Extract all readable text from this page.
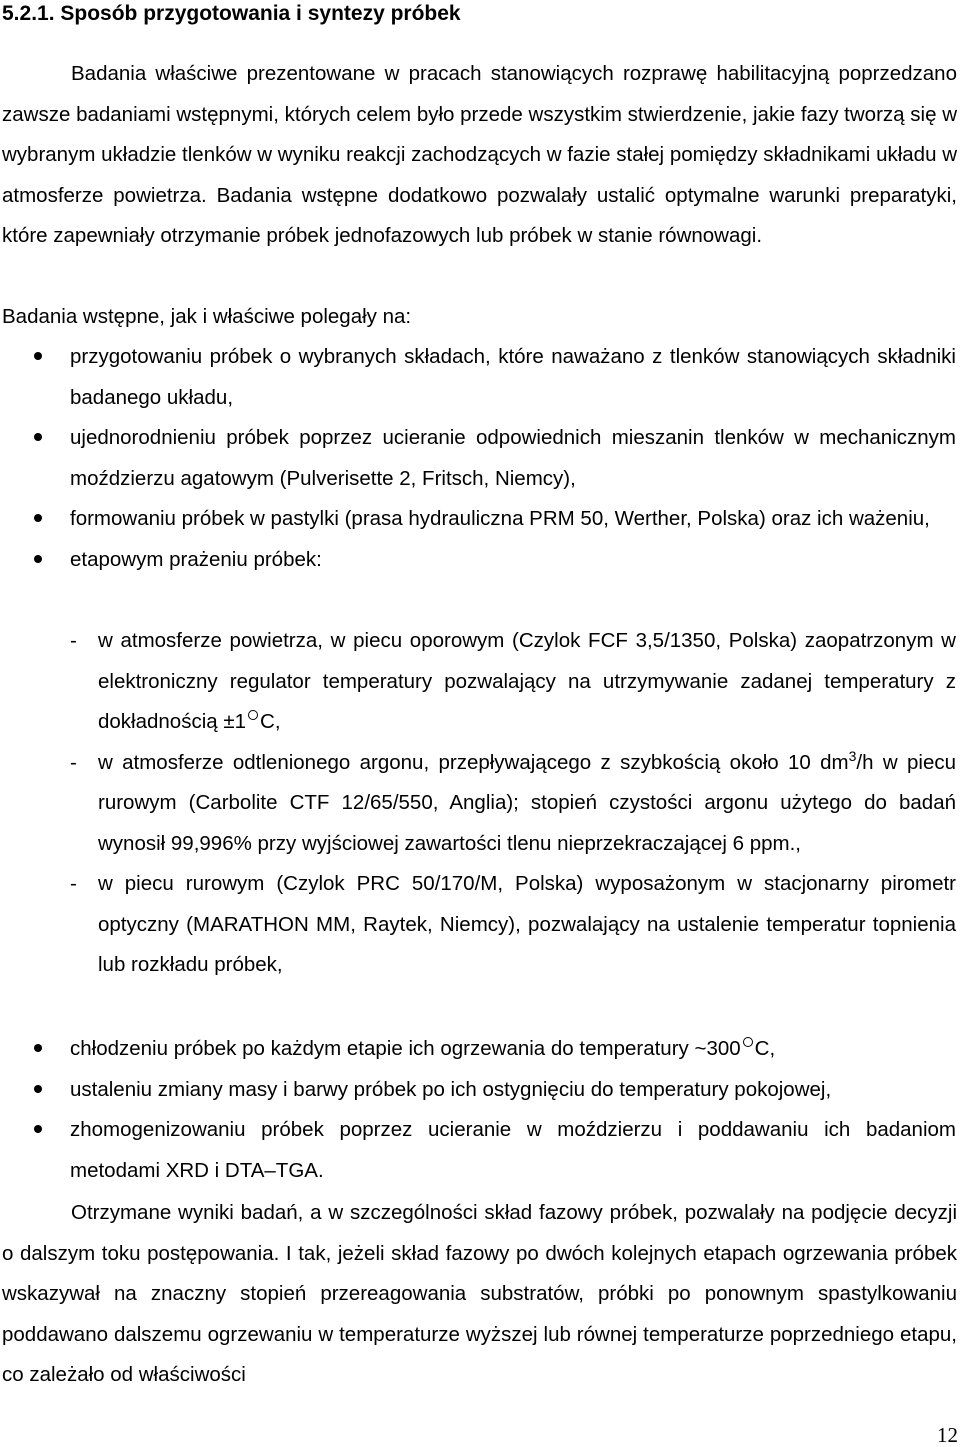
5.2.1. Sposób przygotowania i syntezy próbek

Badania właściwe prezentowane w pracach stanowiących rozprawę habilitacyjną poprzedzano zawsze badaniami wstępnymi, których celem było przede wszystkim stwierdzenie, jakie fazy tworzą się w wybranym układzie tlenków w wyniku reakcji zachodzących w fazie stałej pomiędzy składnikami układu w atmosferze powietrza. Badania wstępne dodatkowo pozwalały ustalić optymalne warunki preparatyki, które zapewniały otrzymanie próbek jednofazowych lub próbek w stanie równowagi.

Badania wstępne, jak i właściwe polegały na:

przygotowaniu próbek o wybranych składach, które naważano z tlenków stanowiących składniki badanego układu,
ujednorodnieniu próbek poprzez ucieranie odpowiednich mieszanin tlenków w mechanicznym moździerzu agatowym (Pulverisette 2, Fritsch, Niemcy),
formowaniu próbek w pastylki (prasa hydrauliczna PRM 50, Werther, Polska) oraz ich ważeniu,
etapowym prażeniu próbek:
- w atmosferze powietrza, w piecu oporowym (Czylok FCF 3,5/1350, Polska) zaopatrzonym w elektroniczny regulator temperatury pozwalający na utrzymywanie zadanej temperatury z dokładnością ±1 C,
- w atmosferze odtlenionego argonu, przepływającego z szybkością około 10 $dm^3/h$ w piecu rurowym (Carbolite CTF 12/65/550, Anglia); stopień czystości argonu użytego do badań wynosił 99,996% przy wyjściowej zawartości tlenu nieprzekraczającej 6 ppm.,
- w piecu rurowym (Czylok PRC 50/170/M, Polska) wyposażonym w stacjonarny pirometr optyczny (MARATHON MM, Raytek, Niemcy), pozwalający na ustalenie temperatur topnienia lub rozkładu próbek,
chłodzeniu próbek po każdym etapie ich ogrzewania do temperatury ~300 C,
ustaleniu zmiany masy i barwy próbek po ich ostygnięciu do temperatury pokojowej,
zhomogenizowaniu próbek poprzez ucieranie w moździerzu i poddawaniu ich badaniom metodami XRD i DTA–TGA.

Otrzymane wyniki badań, a w szczególności skład fazowy próbek, pozwalały na podjęcie decyzji o dalszym toku postępowania. I tak, jeżeli skład fazowy po dwóch kolejnych etapach ogrzewania próbek wskazywał na znaczny stopień przereagowania substratów, próbki po ponownym spastylkowaniu poddawano dalszemu ogrzewaniu w temperaturze wyższej lub równej temperaturze poprzedniego etapu, co zależało od właściwości

12
